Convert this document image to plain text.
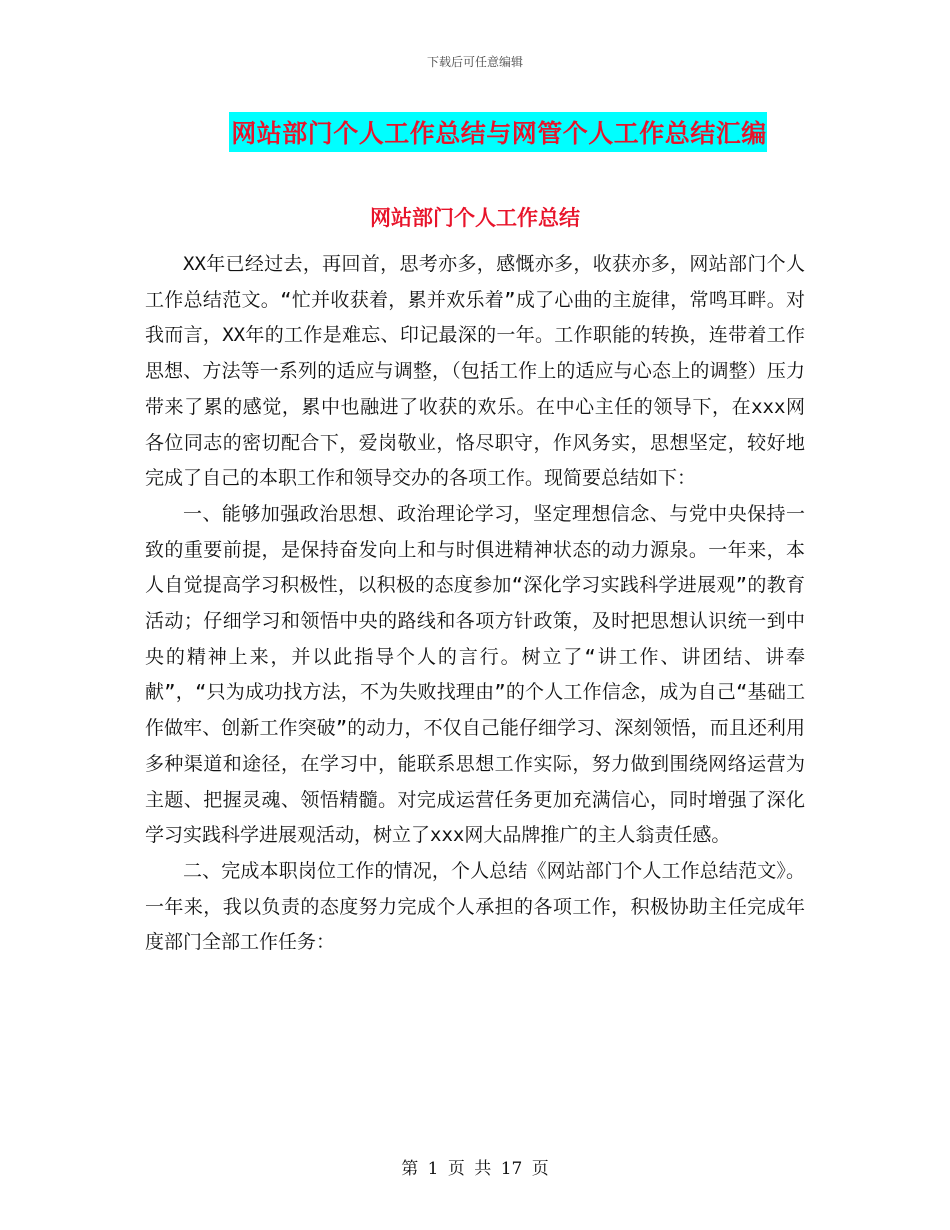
下载后可任意编辑
网站部门个人工作总结与网管个人工作总结汇编
网站部门个人工作总结

XX年已经过去，再回首，思考亦多，感慨亦多，收获亦多，网站部门个人工作总结范文。“忙并收获着，累并欢乐着”成了心曲的主旋律，常鸣耳畔。对我而言，XX年的工作是难忘、印记最深的一年。工作职能的转换，连带着工作思想、方法等一系列的适应与调整，（包括工作上的适应与心态上的调整）压力带来了累的感觉，累中也融进了收获的欢乐。在中心主任的领导下，在xxx网各位同志的密切配合下，爱岗敬业，恪尽职守，作风务实，思想坚定，较好地完成了自己的本职工作和领导交办的各项工作。现简要总结如下：

一、能够加强政治思想、政治理论学习，坚定理想信念、与党中央保持一致的重要前提，是保持奋发向上和与时俱进精神状态的动力源泉。一年来，本人自觉提高学习积极性，以积极的态度参加“深化学习实践科学进展观”的教育活动；仔细学习和领悟中央的路线和各项方针政策，及时把思想认识统一到中央的精神上来，并以此指导个人的言行。树立了“讲工作、讲团结、讲奉献”，“只为成功找方法，不为失败找理由”的个人工作信念，成为自己“基础工作做牢、创新工作突破”的动力，不仅自己能仔细学习、深刻领悟，而且还利用多种渠道和途径，在学习中，能联系思想工作实际，努力做到围绕网络运营为主题、把握灵魂、领悟精髓。对完成运营任务更加充满信心，同时增强了深化学习实践科学进展观活动，树立了xxx网大品牌推广的主人翁责任感。

二、完成本职岗位工作的情况，个人总结《网站部门个人工作总结范文》。 一年来，我以负责的态度努力完成个人承担的各项工作，积极协助主任完成年度部门全部工作任务：

第 1 页 共 17 页
